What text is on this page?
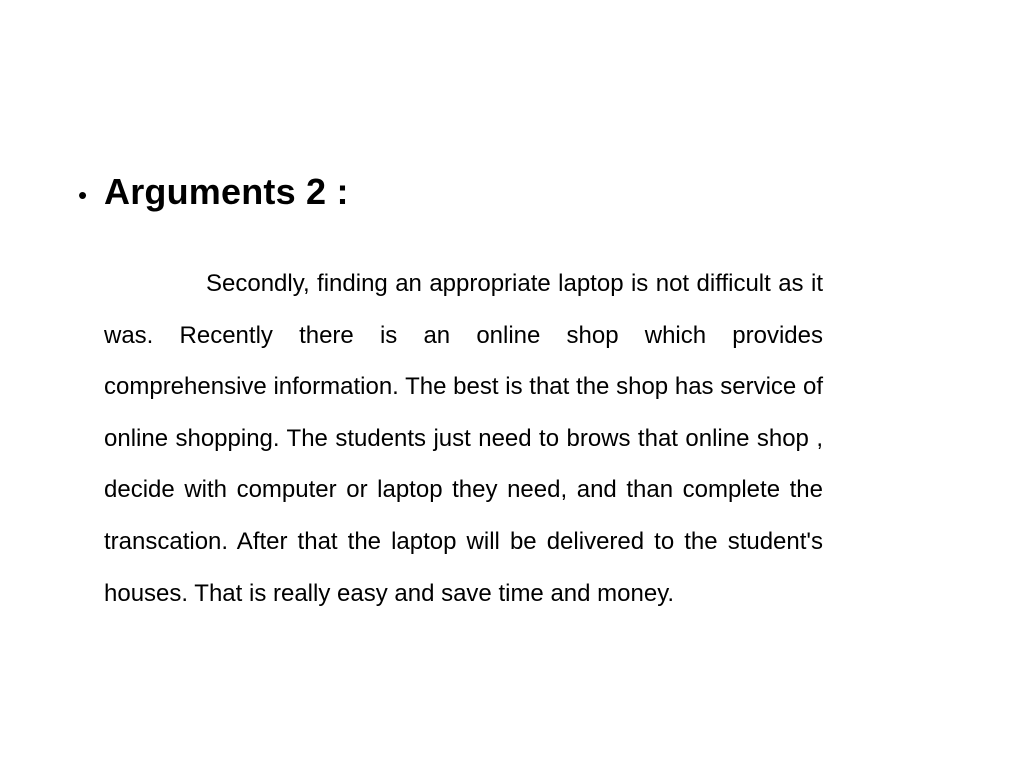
• Arguments 2 :

Secondly, finding an appropriate laptop is not difficult as it was. Recently there is an online shop which provides comprehensive information. The best is that the shop has service of online shopping. The students just need to brows that online shop , decide with computer or laptop they need, and than complete the transcation. After that the laptop will be delivered to the student's houses. That is really easy and save time and money.
